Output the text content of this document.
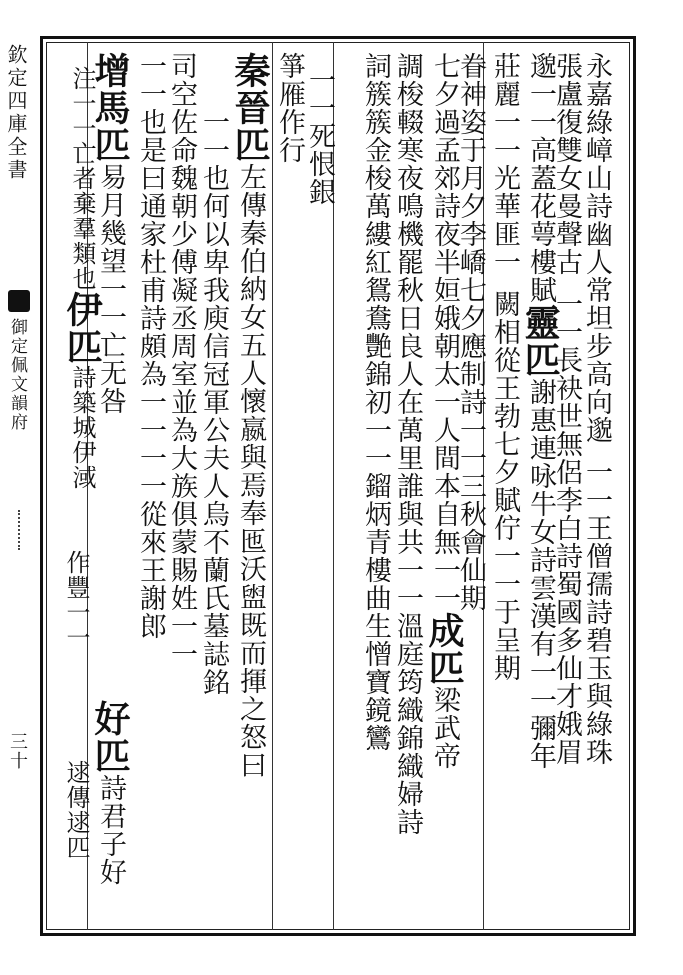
欽定四庫全書
御定佩文韻府
三十
永嘉綠嶂山詩幽人常坦步高向邈一一王僧孺詩碧玉與綠珠
張盧復雙女曼聲古一一長袂世無侶李白詩蜀國多仙才娥眉
邈一一高蓋花萼樓賦靈匹謝惠連咏牛女詩雲漢有一一彌年
莊麗一一光華匪一闕相從王勃七夕賦佇一一于呈期
眷神姿于月夕李嶠七夕應制詩一一三秋會仙期
七夕過孟郊詩夜半姮娥朝太一人間本自無一一成匹梁武帝
調梭輟寒夜鳴機罷秋日良人在萬里誰與共一一溫庭筠織錦織婦詩
詞簇簇金梭萬縷紅鴛鴦艷錦初一一鎦炳青樓曲生憎寶鏡鸞
一一死恨銀
箏雁作行
秦晉匹左傳秦伯納女五人懷嬴與焉奉匜沃盥既而揮之怒曰
一一也何以卑我庾信冠軍公夫人烏不蘭氏墓誌銘
司空佐命魏朝少傅凝丞周室並為大族俱蒙賜姓一一
一一也是曰通家杜甫詩頗為一一一一從來王謝郎
增馬匹易月幾望一一亡无咎
注一一亡者棄羣類也伊匹詩築城伊淢
作豐一一
好匹詩君子好
逑傳逑匹
